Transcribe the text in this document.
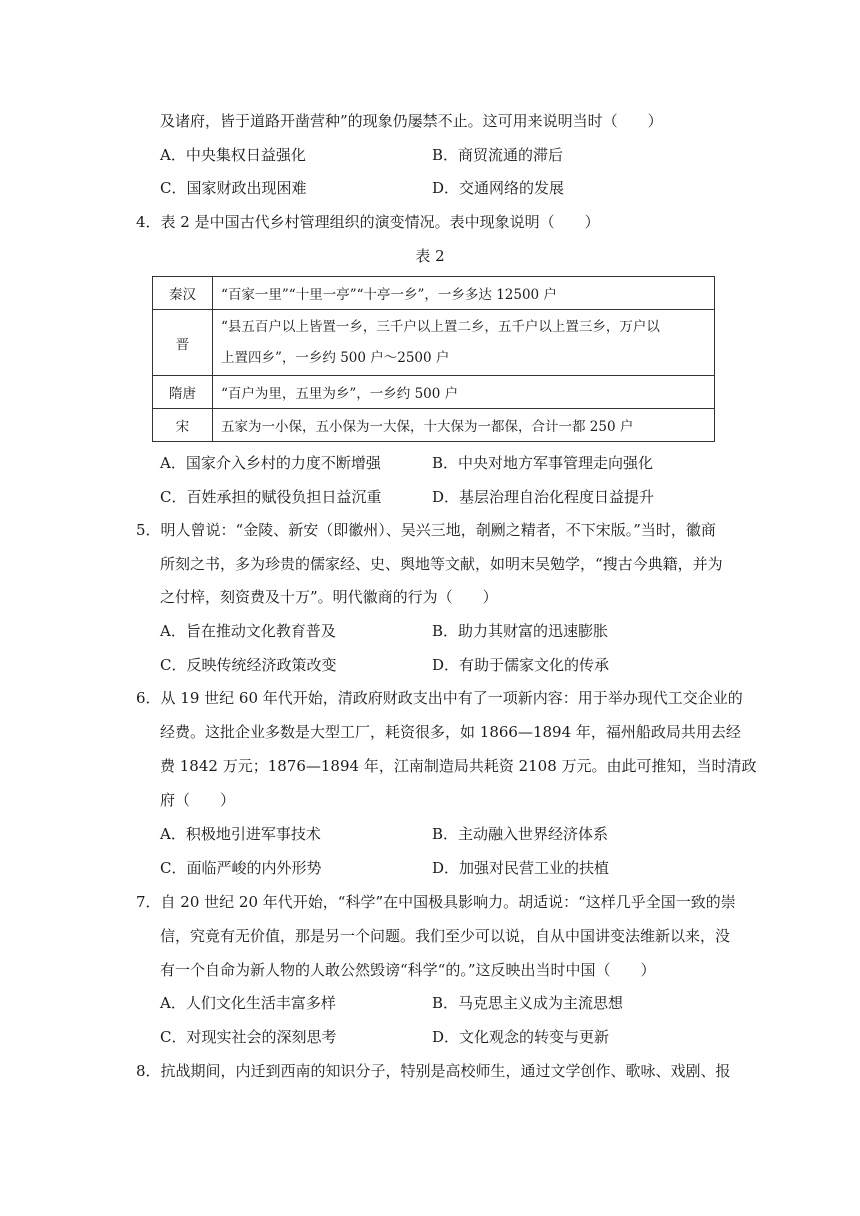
及诸府，皆于道路开凿营种”的现象仍屡禁不止。这可用来说明当时（　　）
A．中央集权日益强化	B．商贸流通的滞后
C．国家财政出现困难	D．交通网络的发展
4．表 2 是中国古代乡村管理组织的演变情况。表中现象说明（　　）
表 2
秦汉	“百家一里”“十里一亭”“十亭一乡”，一乡多达 12500 户
晋	“县五百户以上皆置一乡，三千户以上置二乡，五千户以上置三乡，万户以
上置四乡”，一乡约 500 户～2500 户

隋唐	“百户为里，五里为乡”，一乡约 500 户
宋	五家为一小保，五小保为一大保，十大保为一都保，合计一都 250 户
A．国家介入乡村的力度不断增强	B．中央对地方军事管理走向强化
C．百姓承担的赋役负担日益沉重	D．基层治理自治化程度日益提升
5．明人曾说：“金陵、新安（即徽州）、吴兴三地，剞劂之精者，不下宋版。”当时，徽商
所刻之书，多为珍贵的儒家经、史、舆地等文献，如明末吴勉学，“搜古今典籍，并为
之付梓，刻资费及十万”。明代徽商的行为（　　）
A．旨在推动文化教育普及	B．助力其财富的迅速膨胀
C．反映传统经济政策改变	D．有助于儒家文化的传承
6．从 19 世纪 60 年代开始，清政府财政支出中有了一项新内容：用于举办现代工交企业的
经费。这批企业多数是大型工厂，耗资很多，如 1866—1894 年，福州船政局共用去经
费 1842 万元；1876—1894 年，江南制造局共耗资 2108 万元。由此可推知，当时清政
府（　　）
A．积极地引进军事技术	B．主动融入世界经济体系
C．面临严峻的内外形势	D．加强对民营工业的扶植
7．自 20 世纪 20 年代开始，“科学”在中国极具影响力。胡适说：“这样几乎全国一致的崇
信，究竟有无价值，那是另一个问题。我们至少可以说，自从中国讲变法维新以来，没
有一个自命为新人物的人敢公然毁谤“科学“的。”这反映出当时中国（　　）
A．人们文化生活丰富多样	B．马克思主义成为主流思想
C．对现实社会的深刻思考	D．文化观念的转变与更新
8．抗战期间，内迁到西南的知识分子，特别是高校师生，通过文学创作、歌咏、戏剧、报
